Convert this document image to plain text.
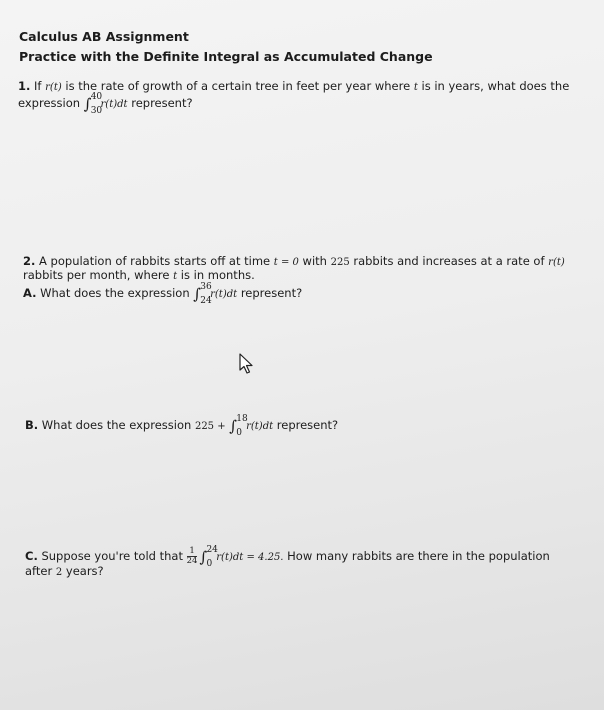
Calculus AB Assignment
Practice with the Definite Integral as Accumulated Change
1. If r(t) is the rate of growth of a certain tree in feet per year where t is in years, what does the
expression ∫ 40
30
r(t)dt represent?
2. A population of rabbits starts off at time t = 0 with 225 rabbits and increases at a rate of r(t)
rabbits per month, where t is in months.
A. What does the expression ∫ 36
24
r(t)dt represent?
B. What does the expression 225 + ∫ 18
0
r(t)dt represent?
C. Suppose you're told that $\frac{1}{24}$ ∫ 24
0
r(t)dt = 4.25. How many rabbits are there in the population
after 2 years?
